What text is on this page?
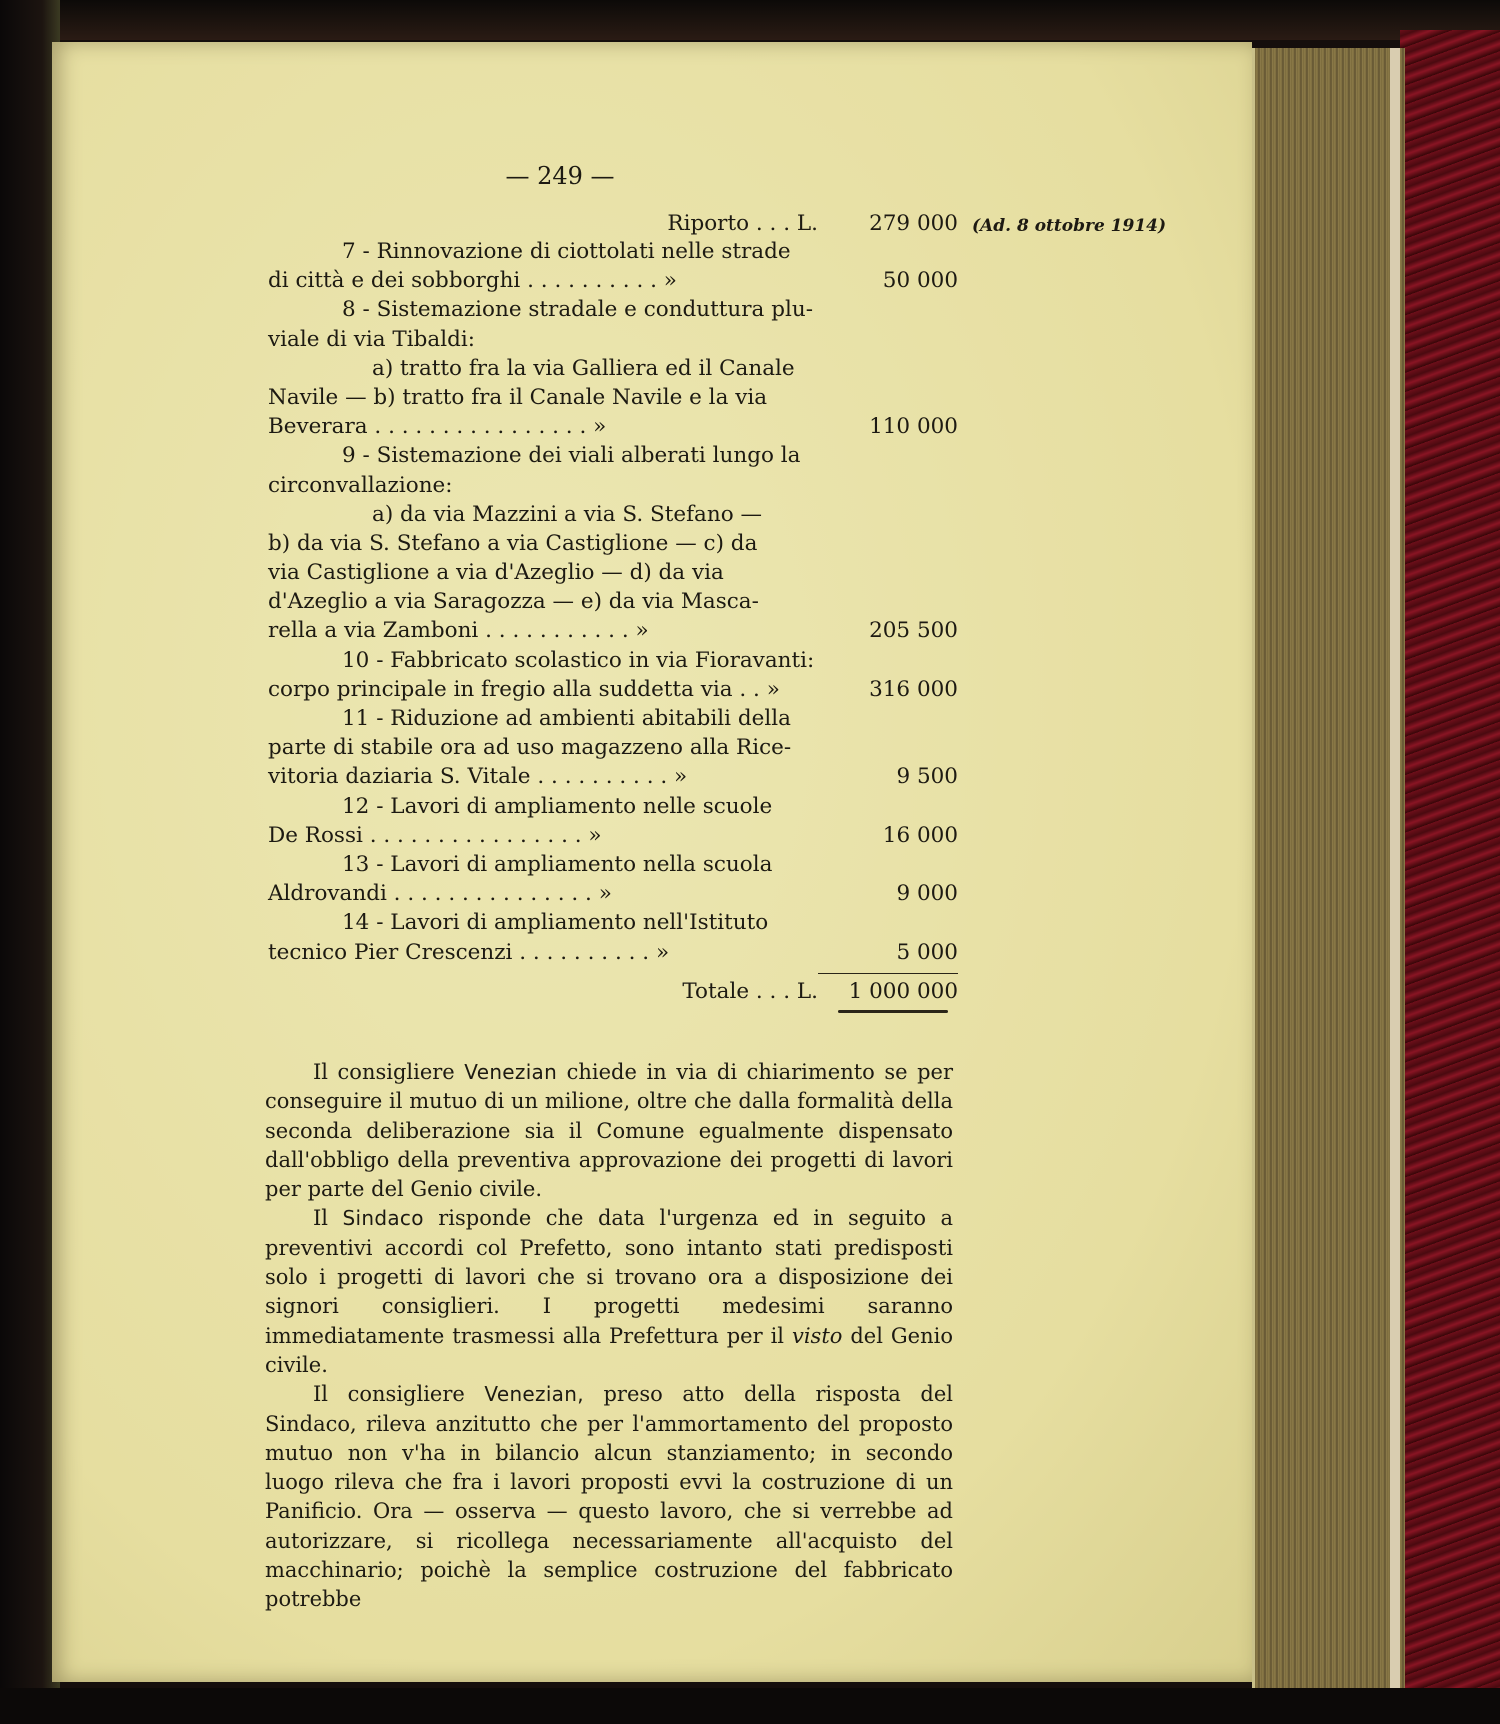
— 249 —
(Ad. 8 ottobre 1914)
Riporto . . . L. 279 000
7 - Rinnovazione di ciottolati nelle strade
di città e dei sobborghi . . . . . . . . . . »	50 000
8 - Sistemazione stradale e conduttura plu-
viale di via Tibaldi:
a) tratto fra la via Galliera ed il Canale
Navile — b) tratto fra il Canale Navile e la via
Beverara . . . . . . . . . . . . . . . . »	110 000
9 - Sistemazione dei viali alberati lungo la
circonvallazione:
a) da via Mazzini a via S. Stefano —
b) da via S. Stefano a via Castiglione — c) da
via Castiglione a via d'Azeglio — d) da via
d'Azeglio a via Saragozza — e) da via Masca-
rella a via Zamboni . . . . . . . . . . . »	205 500
10 - Fabbricato scolastico in via Fioravanti:
corpo principale in fregio alla suddetta via . . »	316 000
11 - Riduzione ad ambienti abitabili della
parte di stabile ora ad uso magazzeno alla Rice-
vitoria daziaria S. Vitale . . . . . . . . . . »	9 500
12 - Lavori di ampliamento nelle scuole
De Rossi . . . . . . . . . . . . . . . . »	16 000
13 - Lavori di ampliamento nella scuola
Aldrovandi . . . . . . . . . . . . . . . »	9 000
14 - Lavori di ampliamento nell'Istituto
tecnico Pier Crescenzi . . . . . . . . . . »	5 000
Totale . . . L. 1 000 000

Il consigliere Venezian chiede in via di chiarimento se per conseguire il mutuo di un milione, oltre che dalla formalità della seconda deliberazione sia il Comune egualmente dispensato dall'obbligo della preventiva approvazione dei progetti di lavori per parte del Genio civile.

Il Sindaco risponde che data l'urgenza ed in seguito a preventivi accordi col Prefetto, sono intanto stati predisposti solo i progetti di lavori che si trovano ora a disposizione dei signori consiglieri. I progetti medesimi saranno immediatamente trasmessi alla Prefettura per il visto del Genio civile.

Il consigliere Venezian, preso atto della risposta del Sindaco, rileva anzitutto che per l'ammortamento del proposto mutuo non v'ha in bilancio alcun stanziamento; in secondo luogo rileva che fra i lavori proposti evvi la costruzione di un Panificio. Ora — osserva — questo lavoro, che si verrebbe ad autorizzare, si ricollega necessariamente all'acquisto del macchinario; poichè la semplice costruzione del fabbricato potrebbe
